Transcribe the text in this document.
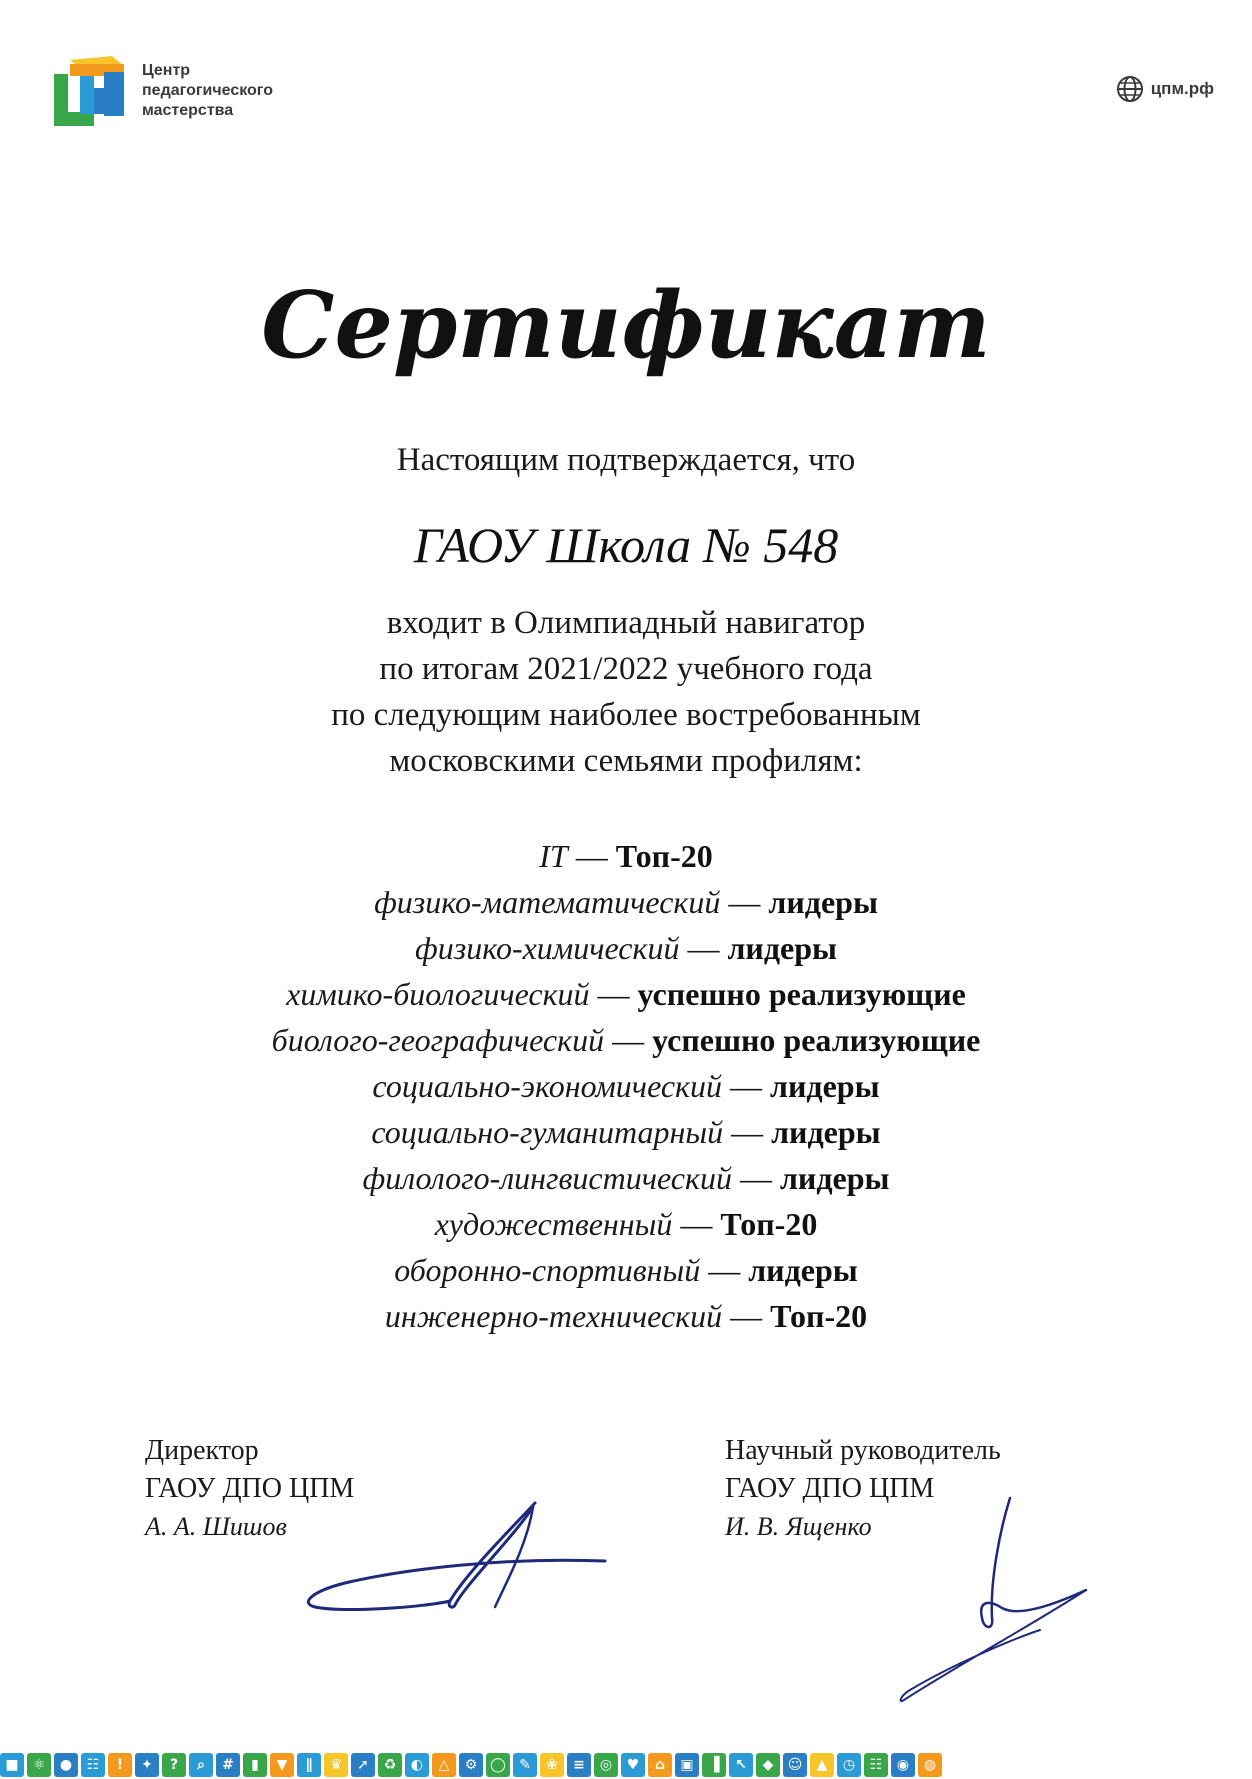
Центр
педагогического
мастерства
цпм.рф
Сертификат
Настоящим подтверждается, что
ГАОУ Школа № 548
входит в Олимпиадный навигатор
по итогам 2021/2022 учебного года
по следующим наиболее востребованным
московскими семьями профилям:
IT — Топ-20
физико-математический — лидеры
физико-химический — лидеры
химико-биологический — успешно реализующие
биолого-географический — успешно реализующие
социально-экономический — лидеры
социально-гуманитарный — лидеры
филолого-лингвистический — лидеры
художественный — Топ-20
оборонно-спортивный — лидеры
инженерно-технический — Топ-20
Директор
ГАОУ ДПО ЦПМ
А. А. Шишов
Научный руководитель
ГАОУ ДПО ЦПМ
И. В. Ященко
■	⚛	●	☷	!	✦	?	⌕	#	▮	▼	∥	♛	➚	♻	◐	△	⚙ ◯ ✎	❀	≡	◎	♥	⌂	▣	▐	↖	◆	☺	▲	◷	☷	◉	◍
